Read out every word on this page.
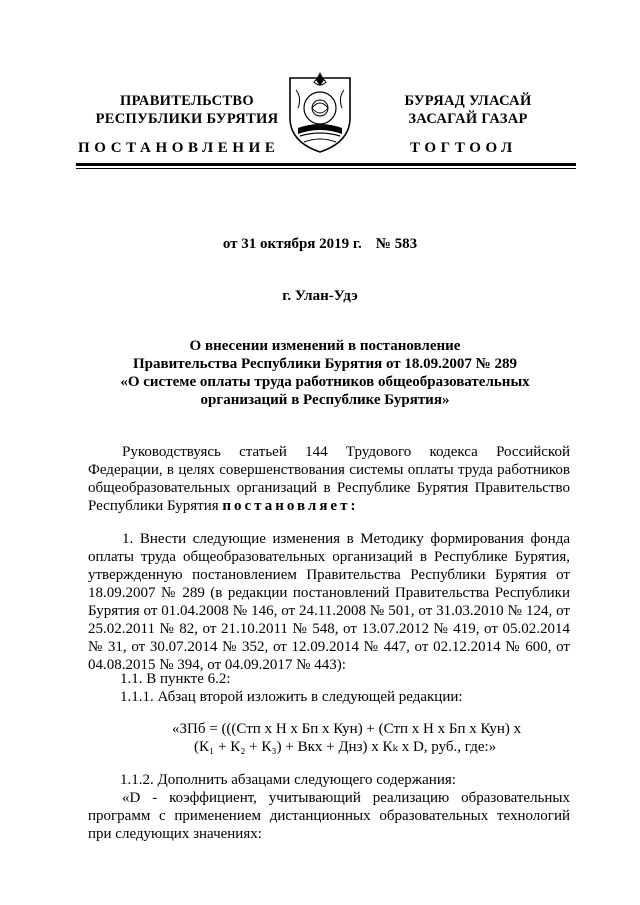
ПРАВИТЕЛЬСТВО
РЕСПУБЛИКИ БУРЯТИЯ
БУРЯАД УЛАСАЙ
ЗАСАГАЙ ГАЗАР
ПОСТАНОВЛЕНИЕ	ТОГТООЛ
от 31 октября 2019 г. № 583
г. Улан-Удэ
О внесении изменений в постановление
Правительства Республики Бурятия от 18.09.2007 № 289
«О системе оплаты труда работников общеобразовательных
организаций в Республике Бурятия»
Руководствуясь статьей 144 Трудового кодекса Российской Федерации, в целях совершенствования системы оплаты труда работников общеобразовательных организаций в Республике Бурятия Правительство Республики Бурятия постановляет:
1. Внести следующие изменения в Методику формирования фонда оплаты труда общеобразовательных организаций в Республике Бурятия, утвержденную постановлением Правительства Республики Бурятия от 18.09.2007 № 289 (в редакции постановлений Правительства Республики Бурятия от 01.04.2008 № 146, от 24.11.2008 № 501, от 31.03.2010 № 124, от 25.02.2011 № 82, от 21.10.2011 № 548, от 13.07.2012 № 419, от 05.02.2014 № 31, от 30.07.2014 № 352, от 12.09.2014 № 447, от 02.12.2014 № 600, от 04.08.2015 № 394, от 04.09.2017 № 443):
1.1. В пункте 6.2:
1.1.1. Абзац второй изложить в следующей редакции:
«ЗПб = (((Стп х Н х Бп х Кун) + (Стп х Н х Бп х Кун) х
(К₁ + К₂ + К₃) + Вкх + Днз) х Кₖ х D, руб., где:»
1.1.2. Дополнить абзацами следующего содержания:
«D - коэффициент, учитывающий реализацию образовательных программ с применением дистанционных образовательных технологий при следующих значениях:
